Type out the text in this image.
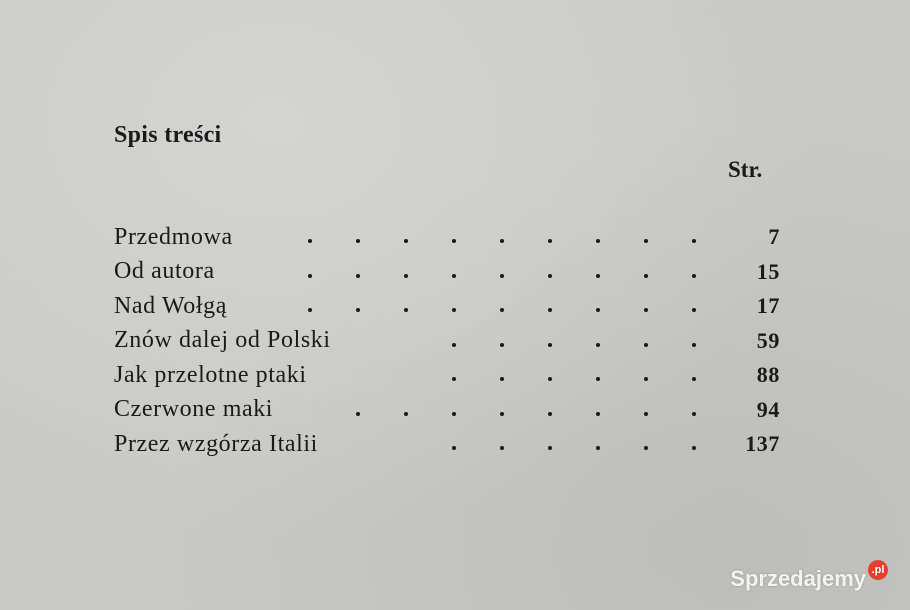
Spis treści
Str.
Przedmowa	7
Od autora	15
Nad Wołgą	17
Znów dalej od Polski	59
Jak przelotne ptaki	88
Czerwone maki	94
Przez wzgórza Italii	137
Sprzedajemy .pl
